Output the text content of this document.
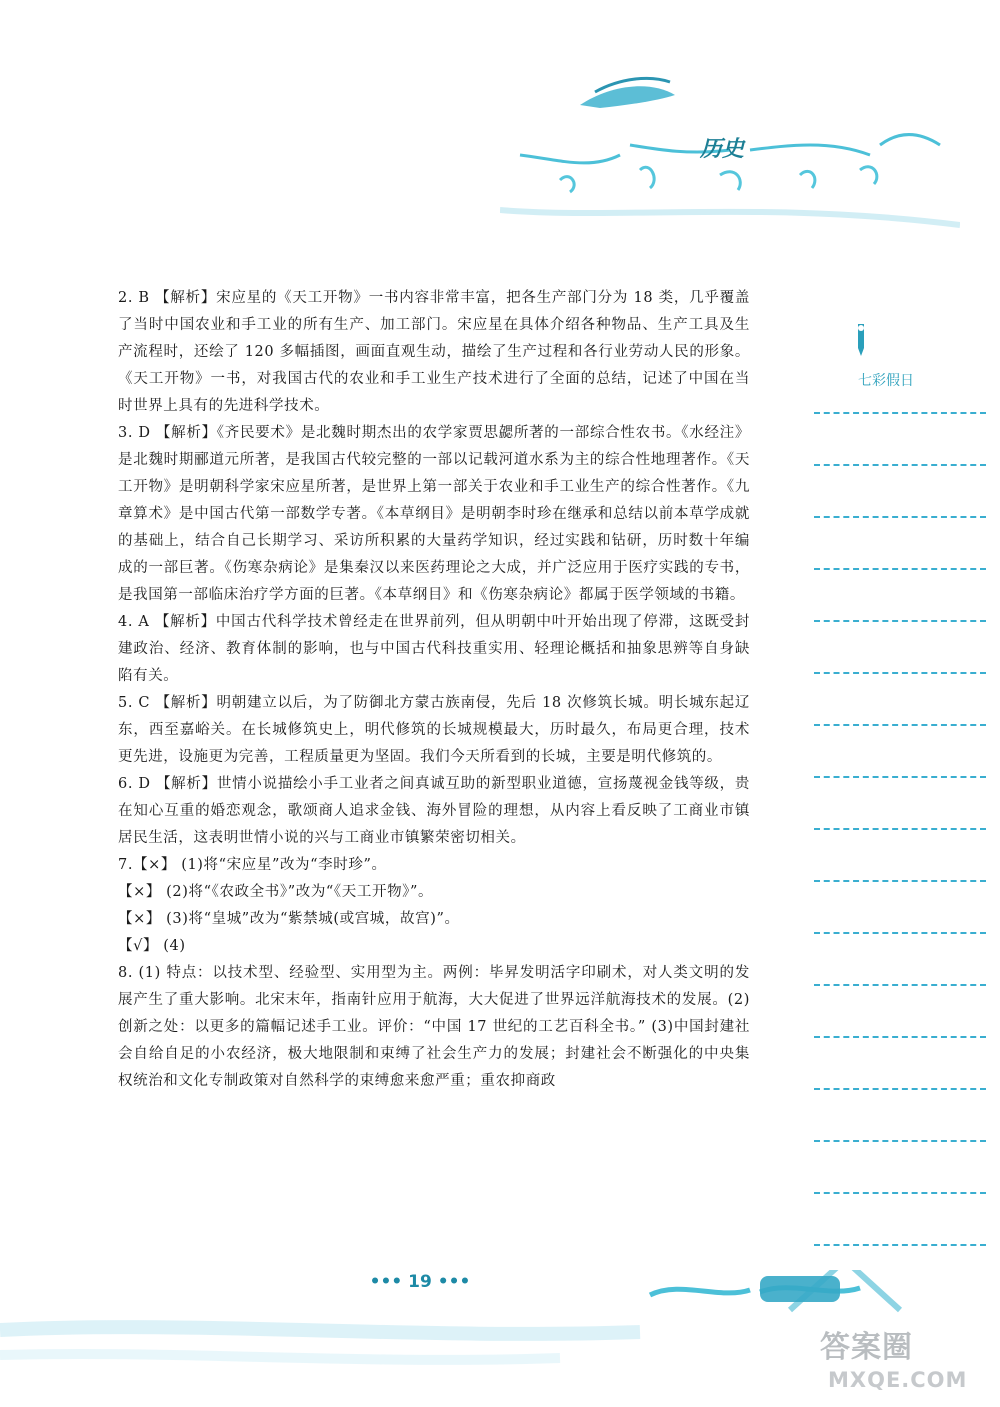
历史
七彩假日

2. B 【解析】宋应星的《天工开物》一书内容非常丰富，把各生产部门分为 18 类，几乎覆盖了当时中国农业和手工业的所有生产、加工部门。宋应星在具体介绍各种物品、生产工具及生产流程时，还绘了 120 多幅插图，画面直观生动，描绘了生产过程和各行业劳动人民的形象。《天工开物》一书，对我国古代的农业和手工业生产技术进行了全面的总结，记述了中国在当时世界上具有的先进科学技术。

3. D 【解析】《齐民要术》是北魏时期杰出的农学家贾思勰所著的一部综合性农书。《水经注》是北魏时期郦道元所著，是我国古代较完整的一部以记载河道水系为主的综合性地理著作。《天工开物》是明朝科学家宋应星所著，是世界上第一部关于农业和手工业生产的综合性著作。《九章算术》是中国古代第一部数学专著。《本草纲目》是明朝李时珍在继承和总结以前本草学成就的基础上，结合自己长期学习、采访所积累的大量药学知识，经过实践和钻研，历时数十年编成的一部巨著。《伤寒杂病论》是集秦汉以来医药理论之大成，并广泛应用于医疗实践的专书，是我国第一部临床治疗学方面的巨著。《本草纲目》和《伤寒杂病论》都属于医学领域的书籍。

4. A 【解析】中国古代科学技术曾经走在世界前列，但从明朝中叶开始出现了停滞，这既受封建政治、经济、教育体制的影响，也与中国古代科技重实用、轻理论概括和抽象思辨等自身缺陷有关。

5. C 【解析】明朝建立以后，为了防御北方蒙古族南侵，先后 18 次修筑长城。明长城东起辽东，西至嘉峪关。在长城修筑史上，明代修筑的长城规模最大，历时最久，布局更合理，技术更先进，设施更为完善，工程质量更为坚固。我们今天所看到的长城，主要是明代修筑的。

6. D 【解析】世情小说描绘小手工业者之间真诚互助的新型职业道德，宣扬蔑视金钱等级，贵在知心互重的婚恋观念，歌颂商人追求金钱、海外冒险的理想，从内容上看反映了工商业市镇居民生活，这表明世情小说的兴与工商业市镇繁荣密切相关。

7.【×】 (1)将“宋应星”改为“李时珍”。

【×】 (2)将“《农政全书》”改为“《天工开物》”。

【×】 (3)将“皇城”改为“紫禁城(或宫城，故宫)”。

【√】 (4)

8. (1) 特点：以技术型、经验型、实用型为主。两例：毕昇发明活字印刷术，对人类文明的发展产生了重大影响。北宋末年，指南针应用于航海，大大促进了世界远洋航海技术的发展。(2)创新之处：以更多的篇幅记述手工业。评价：“中国 17 世纪的工艺百科全书。” (3)中国封建社会自给自足的小农经济，极大地限制和束缚了社会生产力的发展；封建社会不断强化的中央集权统治和文化专制政策对自然科学的束缚愈来愈严重；重农抑商政

••• 19 •••
答案圈
MXQE.COM
